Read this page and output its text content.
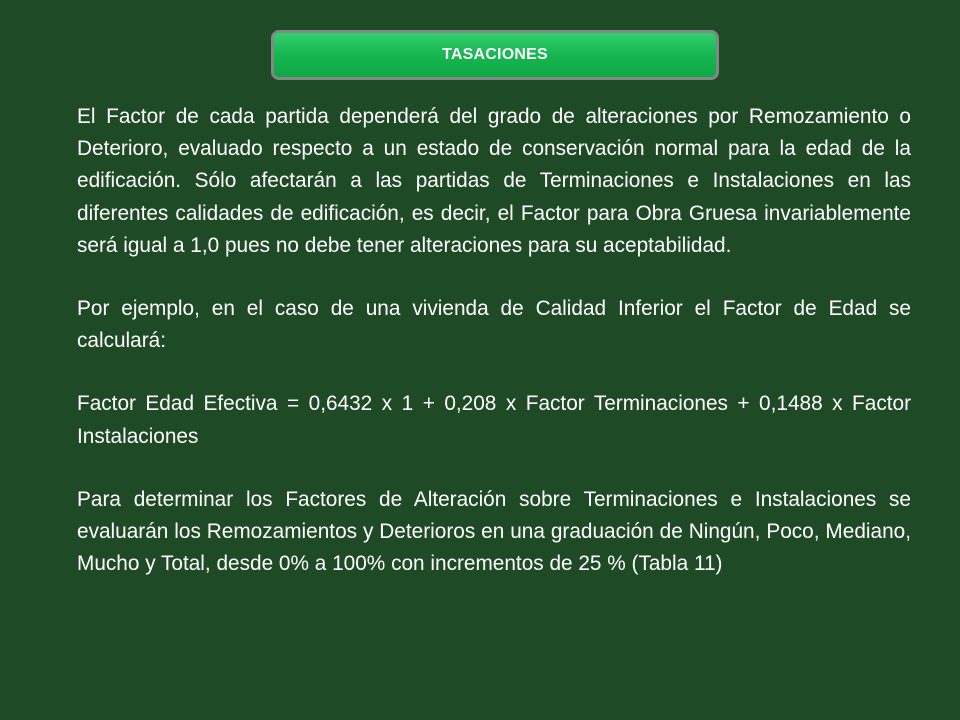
TASACIONES

El Factor de cada partida dependerá del grado de alteraciones por Remozamiento o Deterioro, evaluado respecto a un estado de conservación normal para la edad de la edificación. Sólo afectarán a las partidas de Terminaciones e Instalaciones en las diferentes calidades de edificación, es decir, el Factor para Obra Gruesa invariablemente será igual a 1,0 pues no debe tener alteraciones para su aceptabilidad.

Por ejemplo, en el caso de una vivienda de Calidad Inferior el Factor de Edad se calculará:

Factor Edad Efectiva = 0,6432 x 1 + 0,208 x Factor Terminaciones + 0,1488 x Factor Instalaciones

Para determinar los Factores de Alteración sobre Terminaciones e Instalaciones se evaluarán los Remozamientos y Deterioros en una graduación de Ningún, Poco, Mediano, Mucho y Total, desde 0% a 100% con incrementos de 25 % (Tabla 11)
